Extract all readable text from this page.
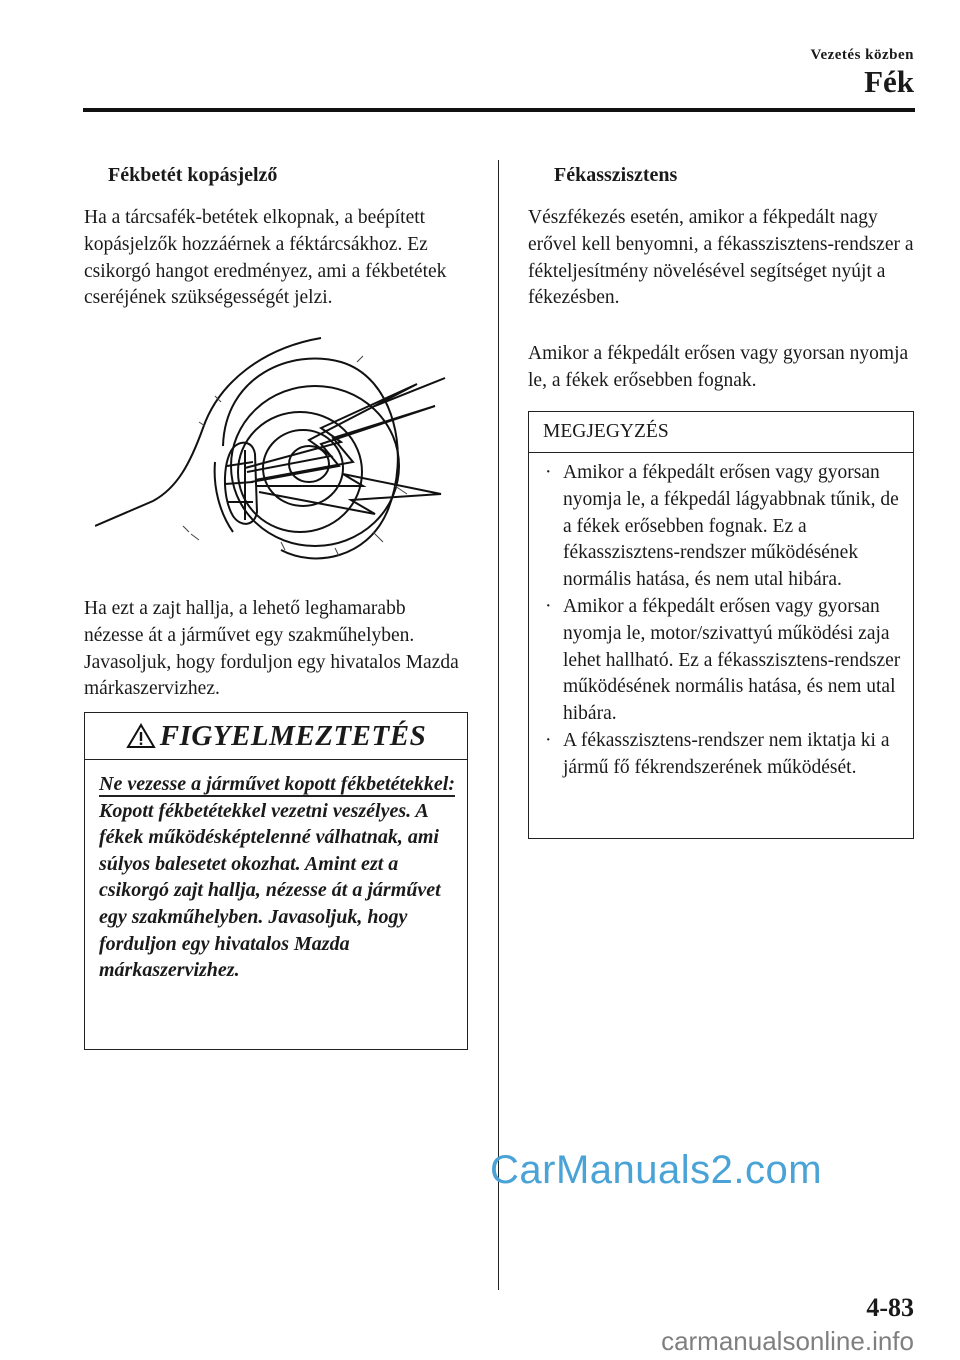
Vezetés közben
Fék
Fékbetét kopásjelző

Ha a tárcsafék-betétek elkopnak, a beépített kopásjelzők hozzáérnek a féktárcsákhoz. Ez csikorgó hangot eredményez, ami a fékbetétek cseréjének szükségességét jelzi.

Ha ezt a zajt hallja, a lehető leghamarabb nézesse át a járművet egy szakműhelyben. Javasoljuk, hogy forduljon egy hivatalos Mazda márkaszervizhez.

FIGYELMEZTETÉS
Ne vezesse a járművet kopott fékbetétekkel:
Kopott fékbetétekkel vezetni veszélyes. A fékek működésképtelenné válhatnak, ami súlyos balesetet okozhat. Amint ezt a csikorgó zajt hallja, nézesse át a járművet egy szakműhelyben. Javasoljuk, hogy forduljon egy hivatalos Mazda márkaszervizhez.
Fékasszisztens

Vészfékezés esetén, amikor a fékpedált nagy erővel kell benyomni, a fékasszisztens-rendszer a fékteljesítmény növelésével segítséget nyújt a fékezésben.

Amikor a fékpedált erősen vagy gyorsan nyomja le, a fékek erősebben fognak.

MEGJEGYZÉS
· Amikor a fékpedált erősen vagy gyorsan nyomja le, a fékpedál lágyabbnak tűnik, de a fékek erősebben fognak. Ez a fékasszisztens-rendszer működésének normális hatása, és nem utal hibára.
· Amikor a fékpedált erősen vagy gyorsan nyomja le, motor/szivattyú működési zaja lehet hallható. Ez a fékasszisztens-rendszer működésének normális hatása, és nem utal hibára.
· A fékasszisztens-rendszer nem iktatja ki a jármű fő fékrendszerének működését.
CarManuals2.com
4-83
carmanualsonline.info
